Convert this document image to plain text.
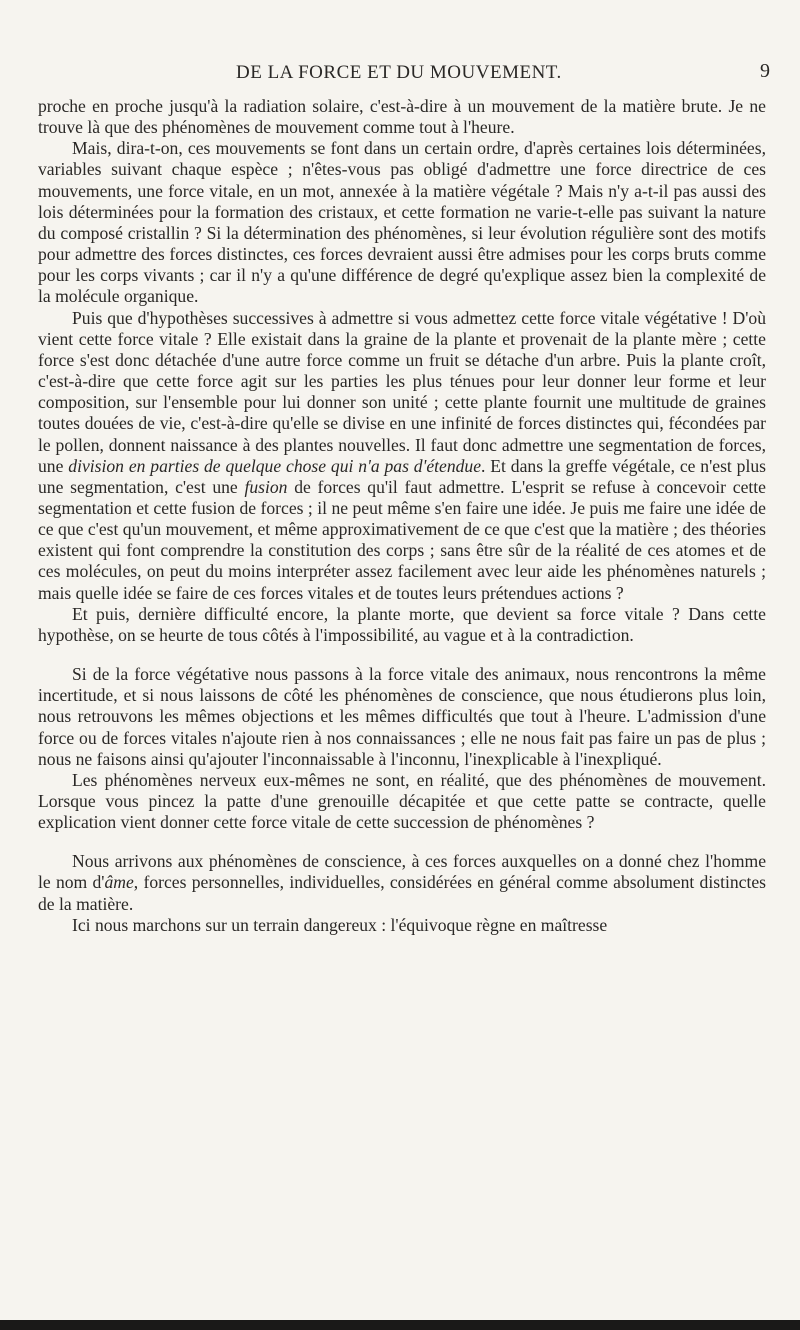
DE LA FORCE ET DU MOUVEMENT.	9

proche en proche jusqu'à la radiation solaire, c'est-à-dire à un mouvement de la matière brute. Je ne trouve là que des phénomènes de mouvement comme tout à l'heure.

Mais, dira-t-on, ces mouvements se font dans un certain ordre, d'après certaines lois déterminées, variables suivant chaque espèce ; n'êtes-vous pas obligé d'admettre une force directrice de ces mouvements, une force vitale, en un mot, annexée à la matière végétale ? Mais n'y a-t-il pas aussi des lois déterminées pour la formation des cristaux, et cette formation ne varie-t-elle pas suivant la nature du composé cristallin ? Si la détermination des phénomènes, si leur évolution régulière sont des motifs pour admettre des forces distinctes, ces forces devraient aussi être admises pour les corps bruts comme pour les corps vivants ; car il n'y a qu'une différence de degré qu'explique assez bien la complexité de la molécule organique.

Puis que d'hypothèses successives à admettre si vous admettez cette force vitale végétative ! D'où vient cette force vitale ? Elle existait dans la graine de la plante et provenait de la plante mère ; cette force s'est donc détachée d'une autre force comme un fruit se détache d'un arbre. Puis la plante croît, c'est-à-dire que cette force agit sur les parties les plus ténues pour leur donner leur forme et leur composition, sur l'ensemble pour lui donner son unité ; cette plante fournit une multitude de graines toutes douées de vie, c'est-à-dire qu'elle se divise en une infinité de forces distinctes qui, fécondées par le pollen, donnent naissance à des plantes nouvelles. Il faut donc admettre une segmentation de forces, une division en parties de quelque chose qui n'a pas d'étendue. Et dans la greffe végétale, ce n'est plus une segmentation, c'est une fusion de forces qu'il faut admettre. L'esprit se refuse à concevoir cette segmentation et cette fusion de forces ; il ne peut même s'en faire une idée. Je puis me faire une idée de ce que c'est qu'un mouvement, et même approximativement de ce que c'est que la matière ; des théories existent qui font comprendre la constitution des corps ; sans être sûr de la réalité de ces atomes et de ces molécules, on peut du moins interpréter assez facilement avec leur aide les phénomènes naturels ; mais quelle idée se faire de ces forces vitales et de toutes leurs prétendues actions ?

Et puis, dernière difficulté encore, la plante morte, que devient sa force vitale ? Dans cette hypothèse, on se heurte de tous côtés à l'impossibilité, au vague et à la contradiction.

Si de la force végétative nous passons à la force vitale des animaux, nous rencontrons la même incertitude, et si nous laissons de côté les phénomènes de conscience, que nous étudierons plus loin, nous retrouvons les mêmes objections et les mêmes difficultés que tout à l'heure. L'admission d'une force ou de forces vitales n'ajoute rien à nos connaissances ; elle ne nous fait pas faire un pas de plus ; nous ne faisons ainsi qu'ajouter l'inconnaissable à l'inconnu, l'inexplicable à l'inexpliqué.

Les phénomènes nerveux eux-mêmes ne sont, en réalité, que des phénomènes de mouvement. Lorsque vous pincez la patte d'une grenouille décapitée et que cette patte se contracte, quelle explication vient donner cette force vitale de cette succession de phénomènes ?

Nous arrivons aux phénomènes de conscience, à ces forces auxquelles on a donné chez l'homme le nom d'âme, forces personnelles, individuelles, considérées en général comme absolument distinctes de la matière.

Ici nous marchons sur un terrain dangereux : l'équivoque règne en maîtresse
